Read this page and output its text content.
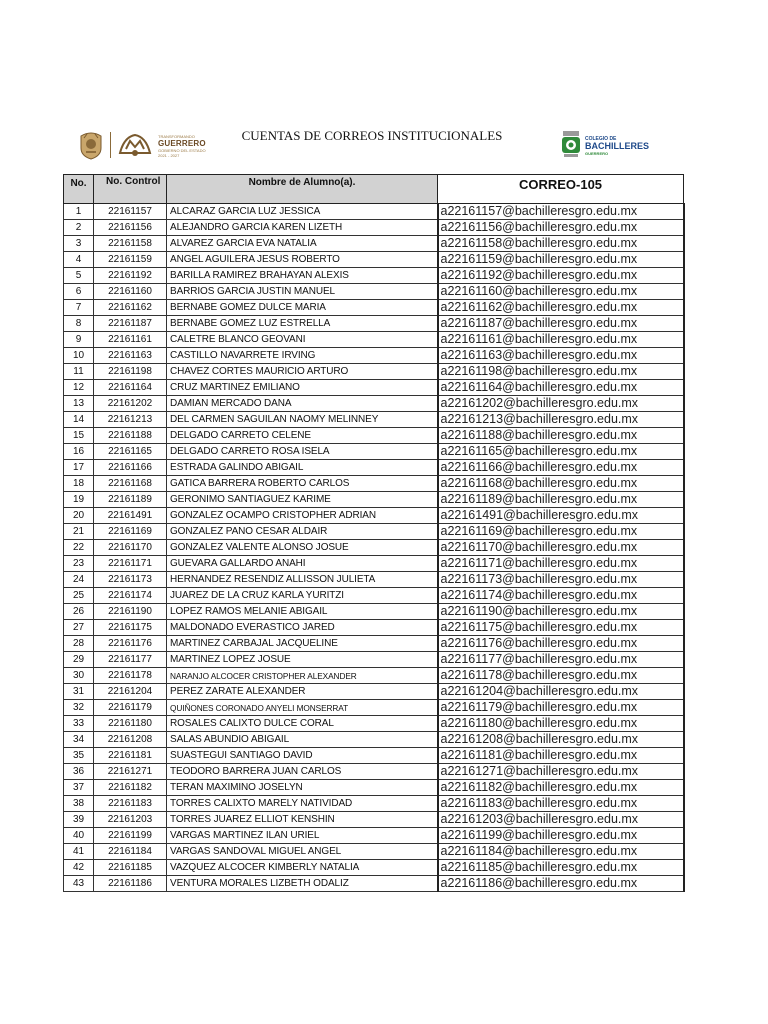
TRANSFORMANDO
GUERRERO
GOBIERNO DEL ESTADO
2021 - 2027
CUENTAS DE CORREOS INSTITUCIONALES	COLEGIO DE
BACHILLERES
GUERRERO
No.	No. Control	Nombre de Alumno(a).	CORREO-105
1	22161157	ALCARAZ GARCIA LUZ JESSICA	a22161157@bachilleresgro.edu.mx
2	22161156	ALEJANDRO GARCIA KAREN LIZETH	a22161156@bachilleresgro.edu.mx
3	22161158	ALVAREZ GARCIA EVA NATALIA	a22161158@bachilleresgro.edu.mx
4	22161159	ANGEL AGUILERA JESUS ROBERTO	a22161159@bachilleresgro.edu.mx
5	22161192	BARILLA RAMIREZ BRAHAYAN ALEXIS	a22161192@bachilleresgro.edu.mx
6	22161160	BARRIOS GARCIA JUSTIN MANUEL	a22161160@bachilleresgro.edu.mx
7	22161162	BERNABE GOMEZ DULCE MARIA	a22161162@bachilleresgro.edu.mx
8	22161187	BERNABE GOMEZ LUZ ESTRELLA	a22161187@bachilleresgro.edu.mx
9	22161161	CALETRE BLANCO GEOVANI	a22161161@bachilleresgro.edu.mx
10	22161163	CASTILLO NAVARRETE IRVING	a22161163@bachilleresgro.edu.mx
11	22161198	CHAVEZ CORTES MAURICIO ARTURO	a22161198@bachilleresgro.edu.mx
12	22161164	CRUZ MARTINEZ EMILIANO	a22161164@bachilleresgro.edu.mx
13	22161202	DAMIAN MERCADO DANA	a22161202@bachilleresgro.edu.mx
14	22161213	DEL CARMEN SAGUILAN NAOMY MELINNEY	a22161213@bachilleresgro.edu.mx
15	22161188	DELGADO CARRETO CELENE	a22161188@bachilleresgro.edu.mx
16	22161165	DELGADO CARRETO ROSA ISELA	a22161165@bachilleresgro.edu.mx
17	22161166	ESTRADA GALINDO ABIGAIL	a22161166@bachilleresgro.edu.mx
18	22161168	GATICA BARRERA ROBERTO CARLOS	a22161168@bachilleresgro.edu.mx
19	22161189	GERONIMO SANTIAGUEZ KARIME	a22161189@bachilleresgro.edu.mx
20	22161491	GONZALEZ OCAMPO CRISTOPHER ADRIAN	a22161491@bachilleresgro.edu.mx
21	22161169	GONZALEZ PANO CESAR ALDAIR	a22161169@bachilleresgro.edu.mx
22	22161170	GONZALEZ VALENTE ALONSO JOSUE	a22161170@bachilleresgro.edu.mx
23	22161171	GUEVARA GALLARDO ANAHI	a22161171@bachilleresgro.edu.mx
24	22161173	HERNANDEZ RESENDIZ ALLISSON JULIETA	a22161173@bachilleresgro.edu.mx
25	22161174	JUAREZ DE LA CRUZ KARLA YURITZI	a22161174@bachilleresgro.edu.mx
26	22161190	LOPEZ RAMOS MELANIE ABIGAIL	a22161190@bachilleresgro.edu.mx
27	22161175	MALDONADO EVERASTICO JARED	a22161175@bachilleresgro.edu.mx
28	22161176	MARTINEZ CARBAJAL JACQUELINE	a22161176@bachilleresgro.edu.mx
29	22161177	MARTINEZ LOPEZ JOSUE	a22161177@bachilleresgro.edu.mx
30	22161178	NARANJO ALCOCER CRISTOPHER ALEXANDER	a22161178@bachilleresgro.edu.mx
31	22161204	PEREZ ZARATE ALEXANDER	a22161204@bachilleresgro.edu.mx
32	22161179	QUIÑONES CORONADO ANYELI MONSERRAT	a22161179@bachilleresgro.edu.mx
33	22161180	ROSALES CALIXTO DULCE CORAL	a22161180@bachilleresgro.edu.mx
34	22161208	SALAS ABUNDIO ABIGAIL	a22161208@bachilleresgro.edu.mx
35	22161181	SUASTEGUI SANTIAGO DAVID	a22161181@bachilleresgro.edu.mx
36	22161271	TEODORO BARRERA JUAN CARLOS	a22161271@bachilleresgro.edu.mx
37	22161182	TERAN MAXIMINO JOSELYN	a22161182@bachilleresgro.edu.mx
38	22161183	TORRES CALIXTO MARELY NATIVIDAD	a22161183@bachilleresgro.edu.mx
39	22161203	TORRES JUAREZ ELLIOT KENSHIN	a22161203@bachilleresgro.edu.mx
40	22161199	VARGAS MARTINEZ ILAN URIEL	a22161199@bachilleresgro.edu.mx
41	22161184	VARGAS SANDOVAL MIGUEL ANGEL	a22161184@bachilleresgro.edu.mx
42	22161185	VAZQUEZ ALCOCER KIMBERLY NATALIA	a22161185@bachilleresgro.edu.mx
43	22161186	VENTURA MORALES LIZBETH ODALIZ	a22161186@bachilleresgro.edu.mx
